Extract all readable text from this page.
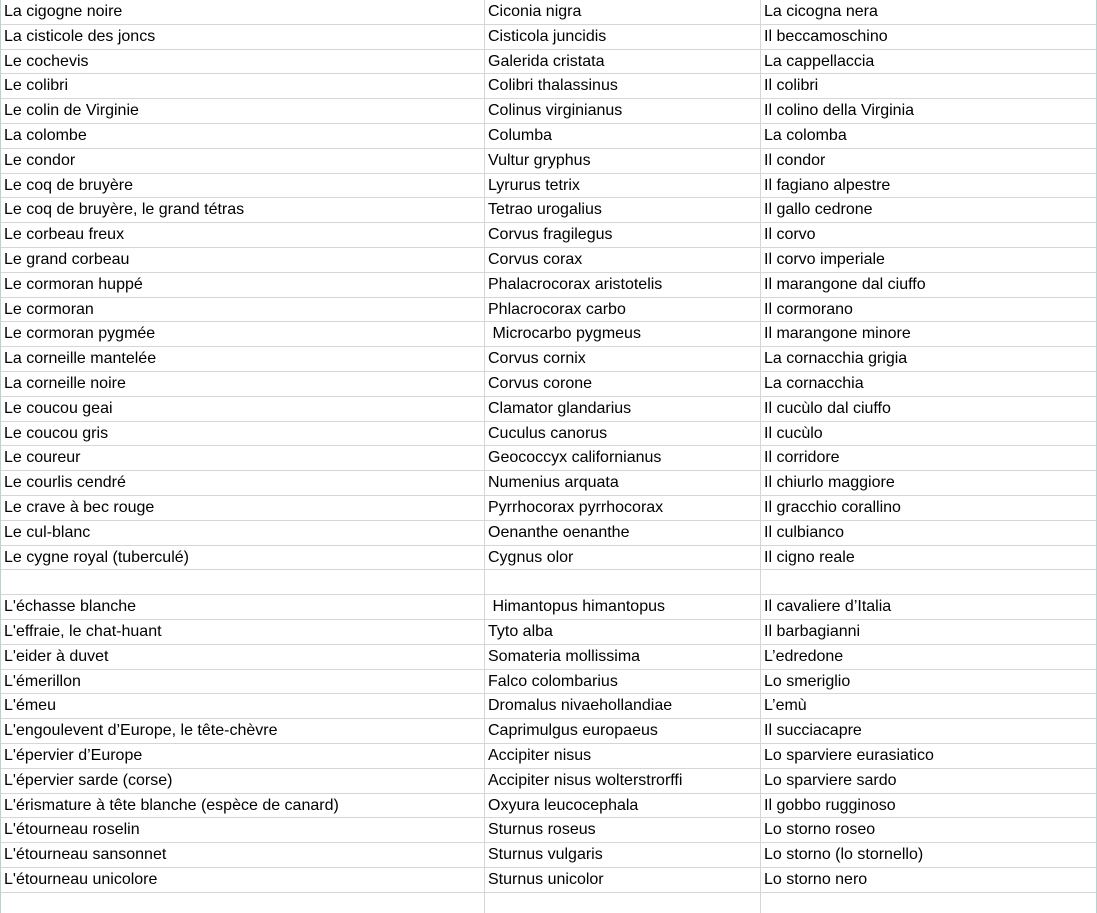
La cigogne noire	Ciconia nigra	La cicogna nera
La cisticole des joncs	Cisticola juncidis	Il beccamoschino
Le cochevis	Galerida cristata	La cappellaccia
Le colibri	Colibri thalassinus	Il colibri
Le colin de Virginie	Colinus virginianus	Il colino della Virginia
La colombe	Columba	La colomba
Le condor	Vultur gryphus	Il condor
Le coq de bruyère	Lyrurus tetrix	Il fagiano alpestre
Le coq de bruyère, le grand tétras	Tetrao urogalius	Il gallo cedrone
Le corbeau freux	Corvus fragilegus	Il corvo
Le grand corbeau	Corvus corax	Il corvo imperiale
Le cormoran huppé	Phalacrocorax aristotelis	Il marangone dal ciuffo
Le cormoran	Phlacrocorax carbo	Il cormorano
Le cormoran pygmée	Microcarbo pygmeus	Il marangone minore
La corneille mantelée	Corvus cornix	La cornacchia grigia
La corneille noire	Corvus corone	La cornacchia
Le coucou geai	Clamator glandarius	Il cucùlo dal ciuffo
Le coucou gris	Cuculus canorus	Il cucùlo
Le coureur	Geococcyx californianus	Il corridore
Le courlis cendré	Numenius arquata	Il chiurlo maggiore
Le crave à bec rouge	Pyrrhocorax pyrrhocorax	Il gracchio corallino
Le cul-blanc	Oenanthe oenanthe	Il culbianco
Le cygne royal (tuberculé)	Cygnus olor	Il cigno reale
L'échasse blanche	Himantopus himantopus	Il cavaliere d’Italia
L'effraie, le chat-huant	Tyto alba	Il barbagianni
L'eider à duvet	Somateria mollissima	L’edredone
L'émerillon	Falco colombarius	Lo smeriglio
L'émeu	Dromalus nivaehollandiae	L’emù
L'engoulevent d’Europe, le tête-chèvre	Caprimulgus europaeus	Il succiacapre
L'épervier d’Europe	Accipiter nisus	Lo sparviere eurasiatico
L'épervier sarde (corse)	Accipiter nisus wolterstrorffi	Lo sparviere sardo
L'érismature à tête blanche (espèce de canard)	Oxyura leucocephala	Il gobbo rugginoso
L'étourneau roselin	Sturnus roseus	Lo storno roseo
L'étourneau sansonnet	Sturnus vulgaris	Lo storno (lo stornello)
L'étourneau unicolore	Sturnus unicolor	Lo storno nero
